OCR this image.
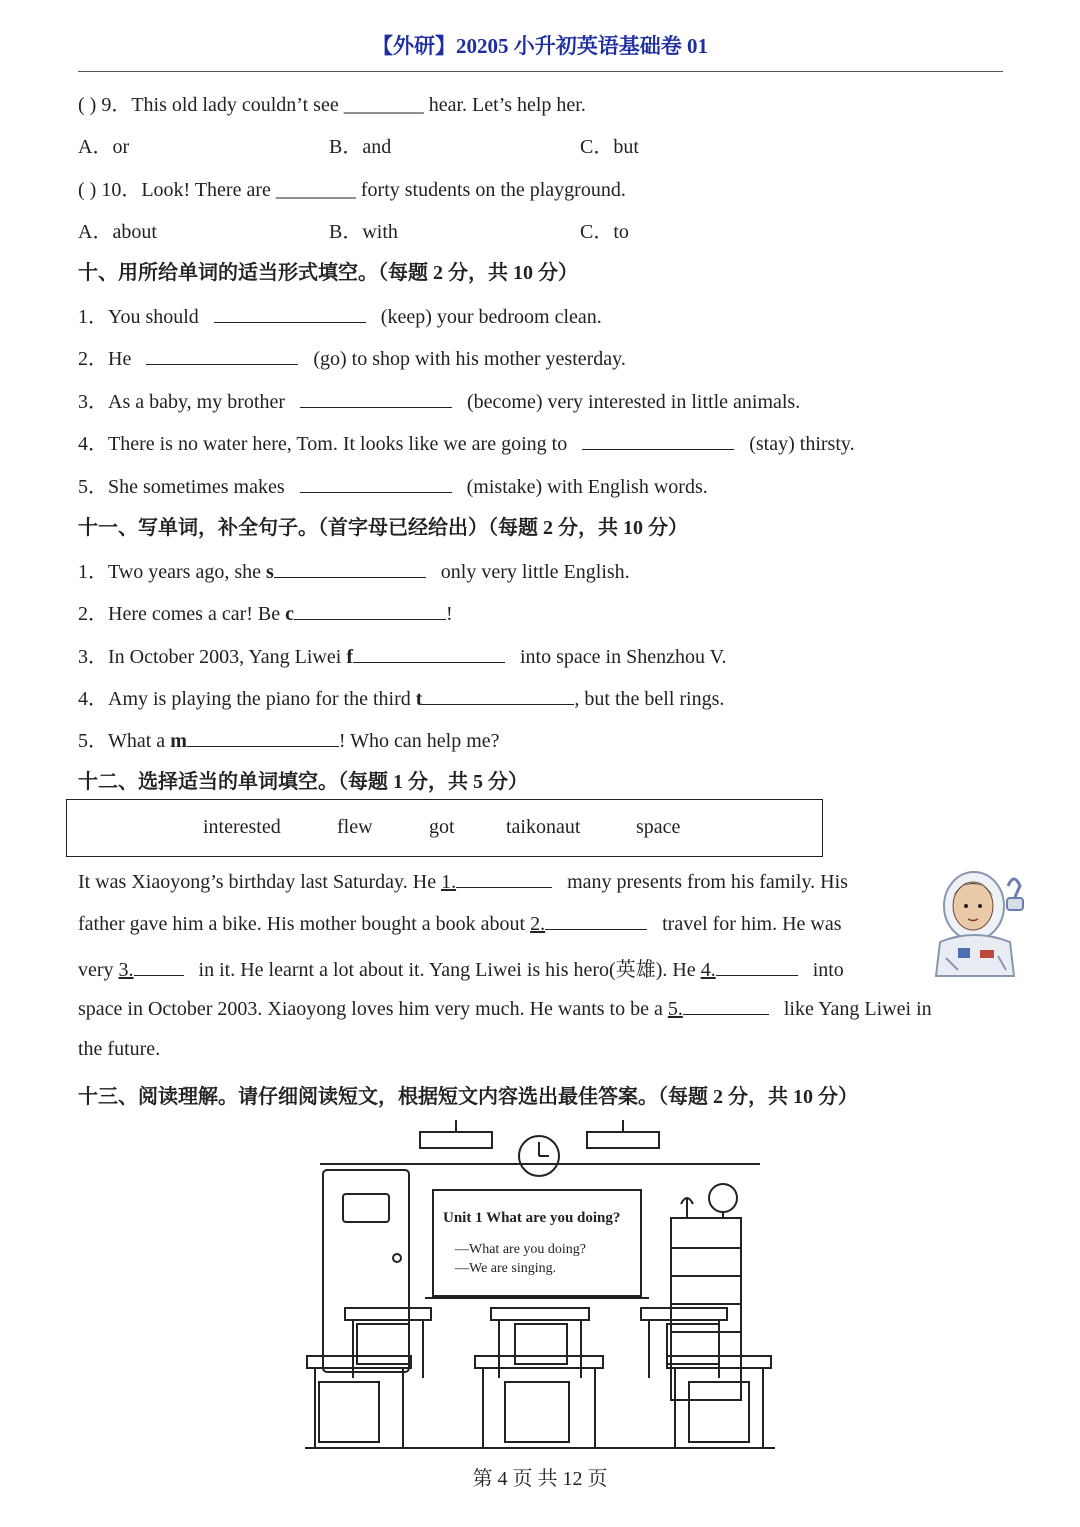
【外研】20205 小升初英语基础卷 01
( ) 9．This old lady couldn’t see ________ hear. Let’s help her.
A．or	B．and	C．but
( ) 10．Look! There are ________ forty students on the playground.
A．about	B．with	C．to
十、用所给单词的适当形式填空。（每题 2 分，共 10 分）
1．You should	(keep) your bedroom clean.
2．He	(go) to shop with his mother yesterday.
3．As a baby, my brother	(become) very interested in little animals.
4．There is no water here, Tom. It looks like we are going to	(stay) thirsty.
5．She sometimes makes	(mistake) with English words.
十一、写单词，补全句子。（首字母已经给出）（每题 2 分，共 10 分）
1．Two years ago, she s	only very little English.
2．Here comes a car! Be c	!
3．In October 2003, Yang Liwei f	into space in Shenzhou V.
4．Amy is playing the piano for the third t	, but the bell rings.
5．What a m	! Who can help me?
十二、选择适当的单词填空。（每题 1 分，共 5 分）
interested	flew	got	taikonaut	space
It was Xiaoyong’s birthday last Saturday. He 1.	many presents from his family. His
father gave him a bike. His mother bought a book about 2.	travel for him. He was
very 3.	in it. He learnt a lot about it. Yang Liwei is his hero(英雄). He 4.	into
space in October 2003. Xiaoyong loves him very much. He wants to be a 5.	like Yang Liwei in
the future.
十三、阅读理解。请仔细阅读短文，根据短文内容选出最佳答案。（每题 2 分，共 10 分）
Unit 1 What are you doing?
—What are you doing?
—We are singing.
第 4 页 共 12 页
